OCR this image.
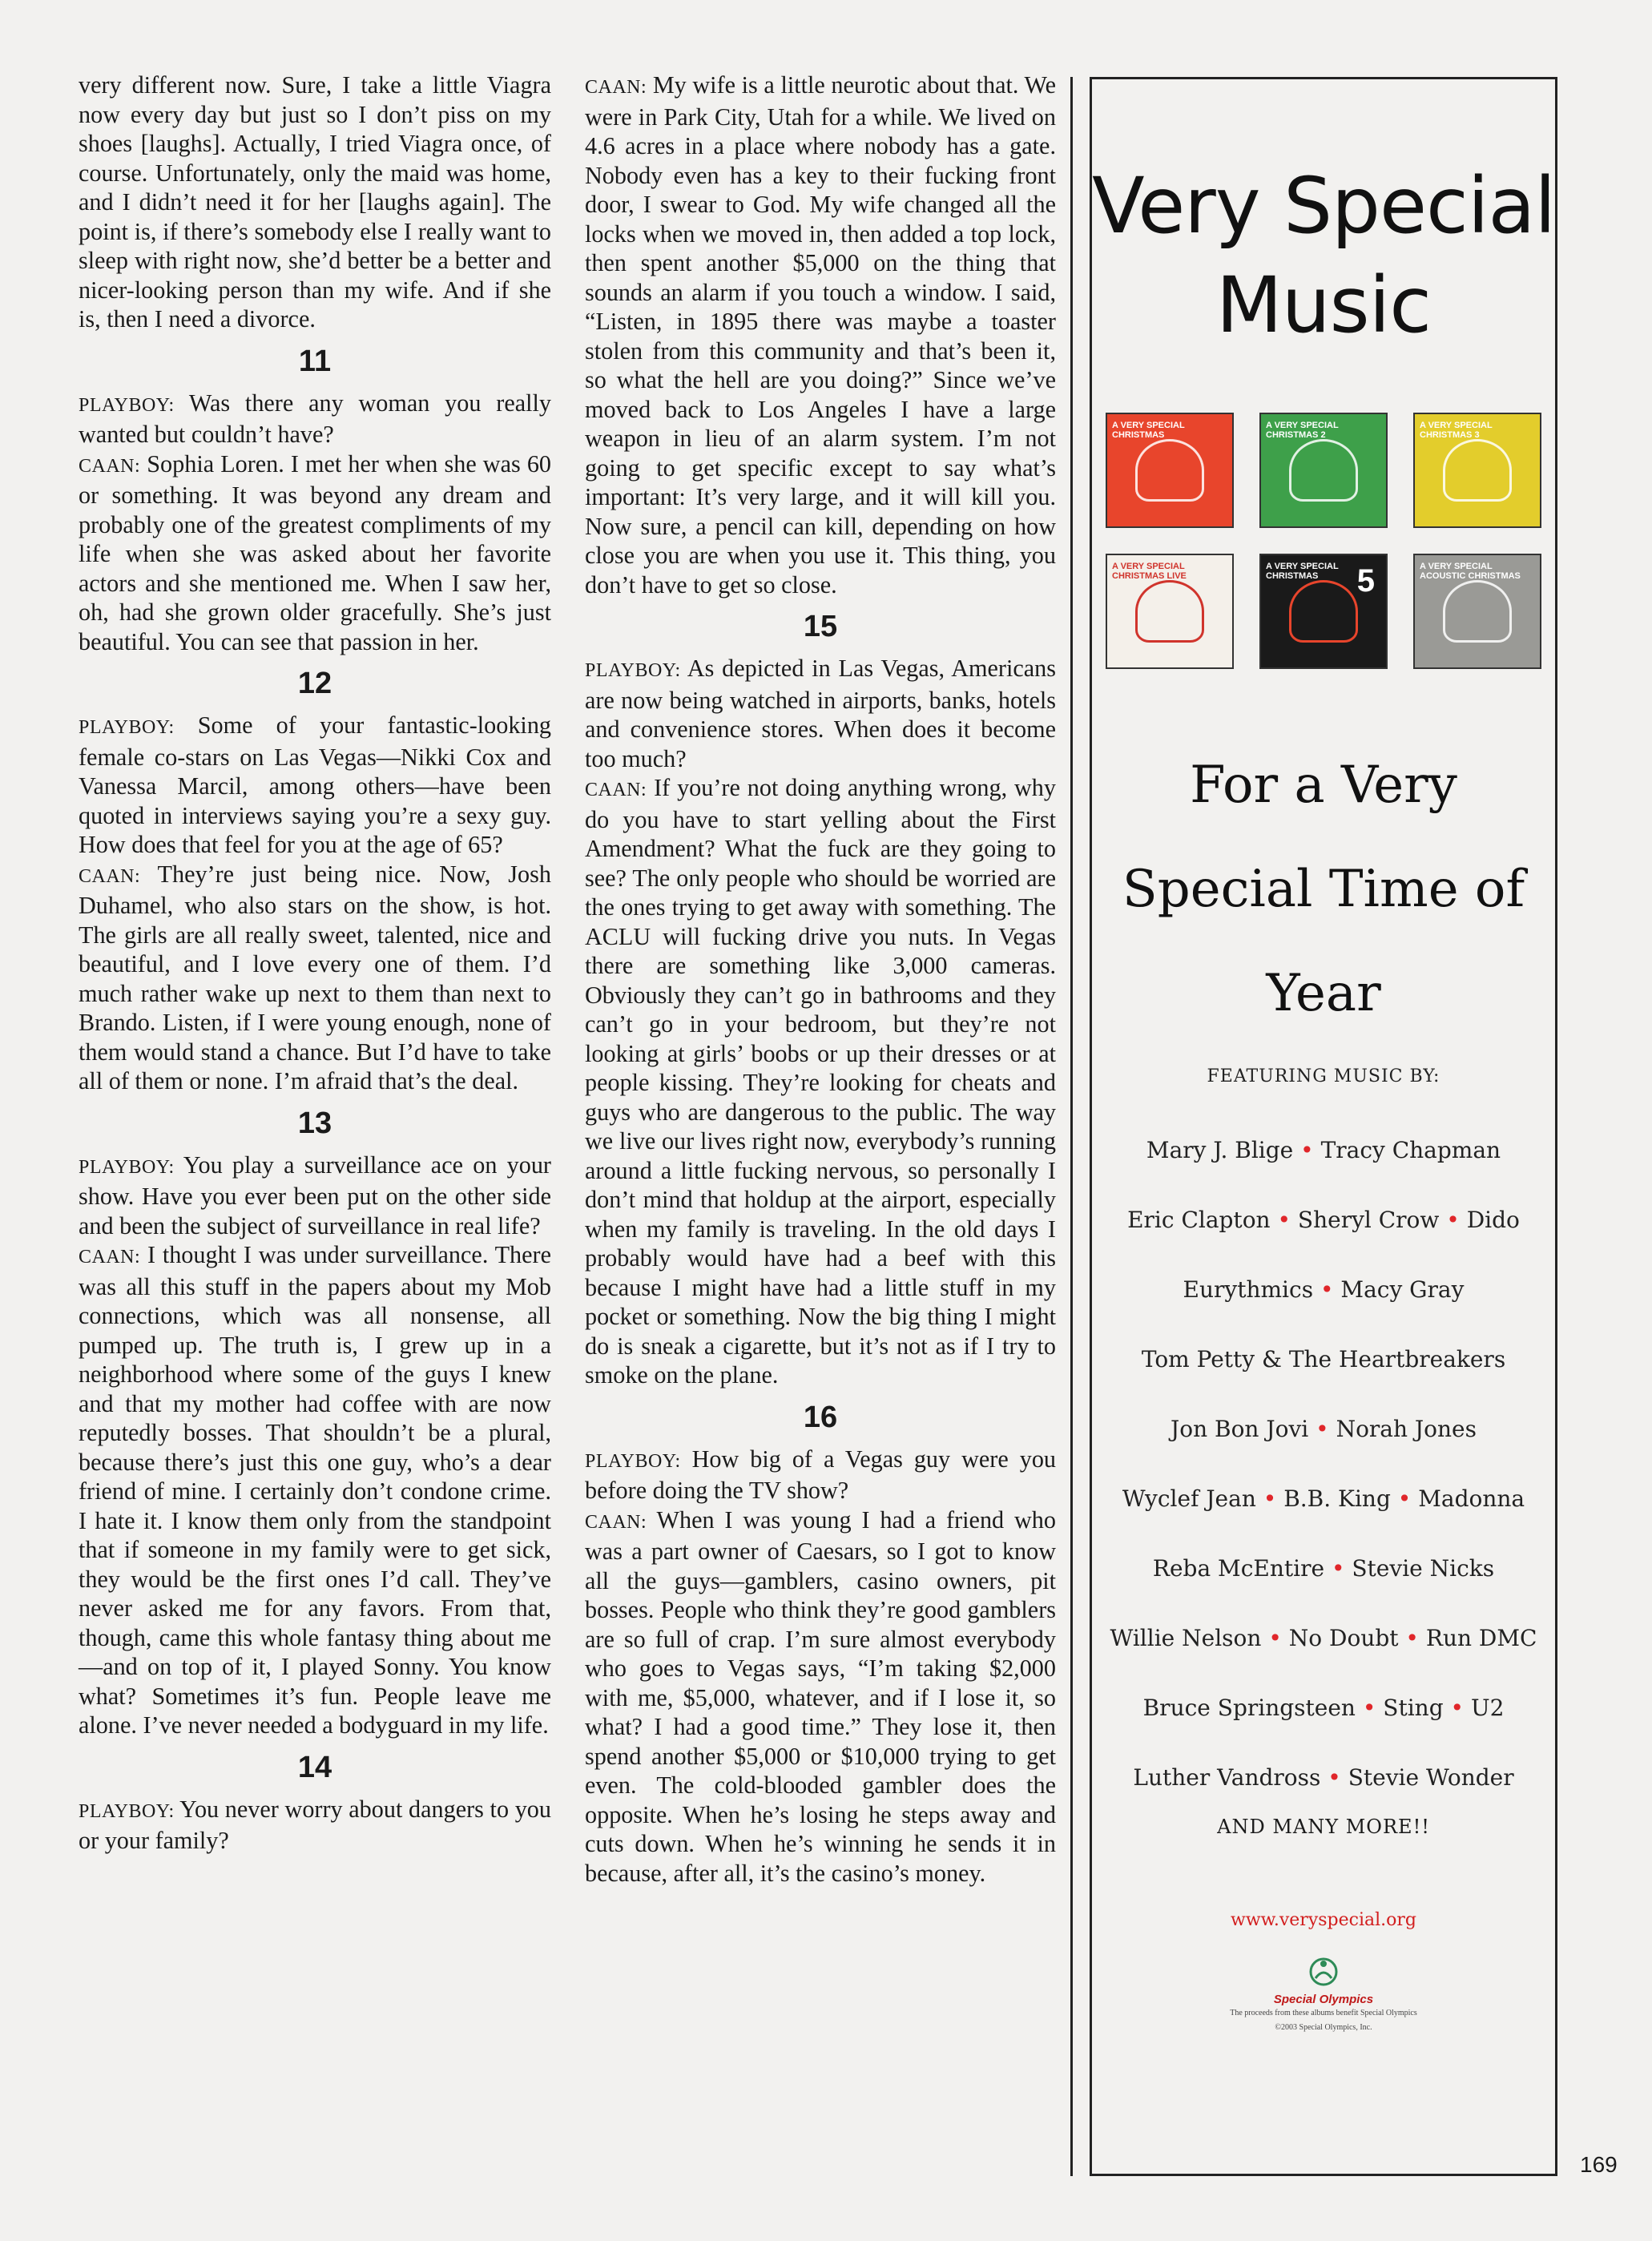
very different now. Sure, I take a little Viagra now every day but just so I don’t piss on my shoes [laughs]. Actually, I tried Viagra once, of course. Unfortunately, only the maid was home, and I didn’t need it for her [laughs again]. The point is, if there’s somebody else I really want to sleep with right now, she’d better be a better and nicer-looking person than my wife. And if she is, then I need a divorce.

11

PLAYBOY: Was there any woman you really wanted but couldn’t have?

CAAN: Sophia Loren. I met her when she was 60 or something. It was beyond any dream and probably one of the greatest compliments of my life when she was asked about her favorite actors and she mentioned me. When I saw her, oh, had she grown older gracefully. She’s just beautiful. You can see that passion in her.

12

PLAYBOY: Some of your fantastic-looking female co-stars on Las Vegas—Nikki Cox and Vanessa Marcil, among others—have been quoted in interviews saying you’re a sexy guy. How does that feel for you at the age of 65?

CAAN: They’re just being nice. Now, Josh Duhamel, who also stars on the show, is hot. The girls are all really sweet, talented, nice and beautiful, and I love every one of them. I’d much rather wake up next to them than next to Brando. Listen, if I were young enough, none of them would stand a chance. But I’d have to take all of them or none. I’m afraid that’s the deal.

13

PLAYBOY: You play a surveillance ace on your show. Have you ever been put on the other side and been the subject of surveillance in real life?

CAAN: I thought I was under surveillance. There was all this stuff in the papers about my Mob connections, which was all nonsense, all pumped up. The truth is, I grew up in a neighborhood where some of the guys I knew and that my mother had coffee with are now reputedly bosses. That shouldn’t be a plural, because there’s just this one guy, who’s a dear friend of mine. I certainly don’t condone crime. I hate it. I know them only from the standpoint that if someone in my family were to get sick, they would be the first ones I’d call. They’ve never asked me for any favors. From that, though, came this whole fantasy thing about me—and on top of it, I played Sonny. You know what? Sometimes it’s fun. People leave me alone. I’ve never needed a bodyguard in my life.

14

PLAYBOY: You never worry about dangers to you or your family?

CAAN: My wife is a little neurotic about that. We were in Park City, Utah for a while. We lived on 4.6 acres in a place where nobody has a gate. Nobody even has a key to their fucking front door, I swear to God. My wife changed all the locks when we moved in, then added a top lock, then spent another $5,000 on the thing that sounds an alarm if you touch a window. I said, “Listen, in 1895 there was maybe a toaster stolen from this community and that’s been it, so what the hell are you doing?” Since we’ve moved back to Los Angeles I have a large weapon in lieu of an alarm system. I’m not going to get specific except to say what’s important: It’s very large, and it will kill you. Now sure, a pencil can kill, depending on how close you are when you use it. This thing, you don’t have to get so close.

15

PLAYBOY: As depicted in Las Vegas, Americans are now being watched in airports, banks, hotels and convenience stores. When does it become too much?

CAAN: If you’re not doing anything wrong, why do you have to start yelling about the First Amendment? What the fuck are they going to see? The only people who should be worried are the ones trying to get away with something. The ACLU will fucking drive you nuts. In Vegas there are something like 3,000 cameras. Obviously they can’t go in bathrooms and they can’t go in your bedroom, but they’re not looking at girls’ boobs or up their dresses or at people kissing. They’re looking for cheats and guys who are dangerous to the public. The way we live our lives right now, everybody’s running around a little fucking nervous, so personally I don’t mind that holdup at the airport, especially when my family is traveling. In the old days I probably would have had a beef with this because I might have had a little stuff in my pocket or something. Now the big thing I might do is sneak a cigarette, but it’s not as if I try to smoke on the plane.

16

PLAYBOY: How big of a Vegas guy were you before doing the TV show?

CAAN: When I was young I had a friend who was a part owner of Caesars, so I got to know all the guys—gamblers, casino owners, pit bosses. People who think they’re good gamblers are so full of crap. I’m sure almost everybody who goes to Vegas says, “I’m taking $2,000 with me, $5,000, whatever, and if I lose it, so what? I had a good time.” They lose it, then spend another $5,000 or $10,000 trying to get even. The cold-blooded gambler does the opposite. When he’s losing he steps away and cuts down. When he’s winning he sends it in because, after all, it’s the casino’s money.

Very Special
Music
A VERY SPECIAL CHRISTMAS
A VERY SPECIAL CHRISTMAS 2
A VERY SPECIAL CHRISTMAS 3
A VERY SPECIAL CHRISTMAS LIVE
A VERY SPECIAL CHRISTMAS	5	A VERY SPECIAL ACOUSTIC CHRISTMAS
For a Very
Special Time of
Year
FEATURING MUSIC BY:
Mary J. Blige • Tracy Chapman
Eric Clapton • Sheryl Crow • Dido
Eurythmics • Macy Gray
Tom Petty & The Heartbreakers
Jon Bon Jovi • Norah Jones
Wyclef Jean • B.B. King • Madonna
Reba McEntire • Stevie Nicks
Willie Nelson • No Doubt • Run DMC
Bruce Springsteen • Sting • U2
Luther Vandross • Stevie Wonder
AND MANY MORE!!
www.veryspecial.org
Special Olympics
The proceeds from these albums benefit Special Olympics
©2003 Special Olympics, Inc.
169
